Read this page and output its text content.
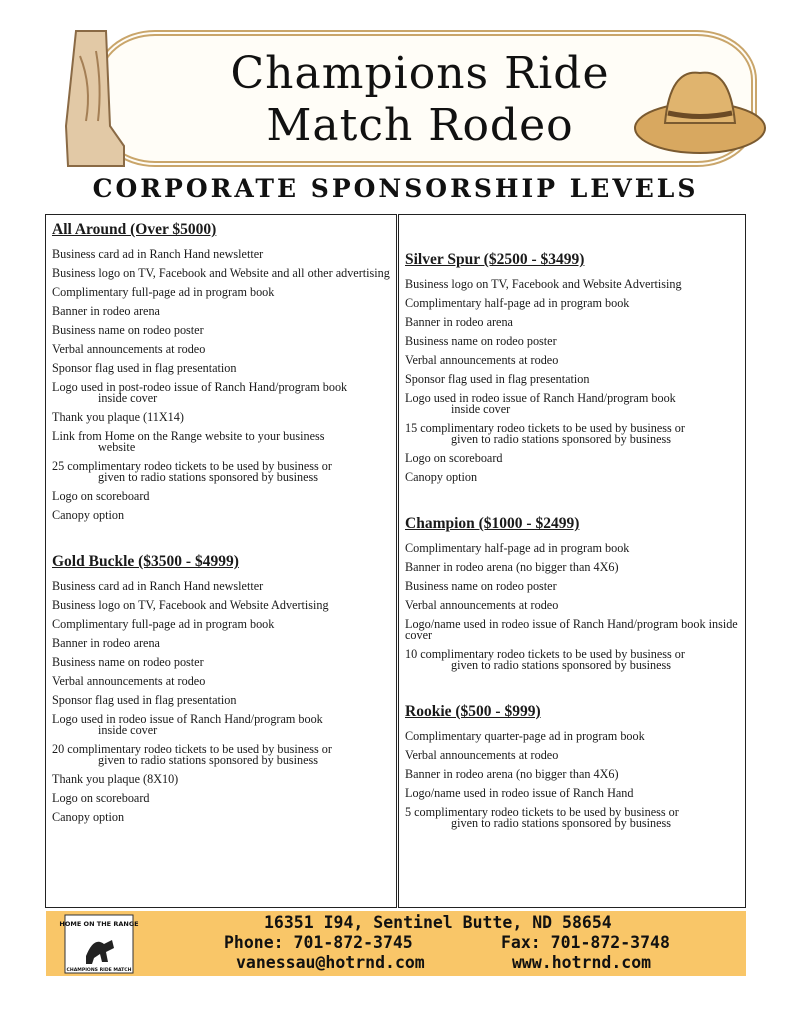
Champions Ride
Match Rodeo
CORPORATE SPONSORSHIP LEVELS
All Around (Over $5000)
Business card ad in Ranch Hand newsletter
Business logo on TV, Facebook and Website and all other advertising
Complimentary full-page ad in program book
Banner in rodeo arena
Business name on rodeo poster
Verbal announcements at rodeo
Sponsor flag used in flag presentation
Logo used in post-rodeo issue of Ranch Hand/program book
inside cover
Thank you plaque (11X14)
Link from Home on the Range website to your business
website
25 complimentary rodeo tickets to be used by business or
given to radio stations sponsored by business
Logo on scoreboard
Canopy option
Gold Buckle ($3500 - $4999)
Business card ad in Ranch Hand newsletter
Business logo on TV, Facebook and Website Advertising
Complimentary full-page ad in program book
Banner in rodeo arena
Business name on rodeo poster
Verbal announcements at rodeo
Sponsor flag used in flag presentation
Logo used in rodeo issue of Ranch Hand/program book
inside cover
20 complimentary rodeo tickets to be used by business or
given to radio stations sponsored by business
Thank you plaque (8X10)
Logo on scoreboard
Canopy option
Silver Spur ($2500 - $3499)
Business logo on TV, Facebook and Website Advertising
Complimentary half-page ad in program book
Banner in rodeo arena
Business name on rodeo poster
Verbal announcements at rodeo
Sponsor flag used in flag presentation
Logo used in rodeo issue of Ranch Hand/program book
inside cover
15 complimentary rodeo tickets to be used by business or
given to radio stations sponsored by business
Logo on scoreboard
Canopy option
Champion ($1000 - $2499)
Complimentary half-page ad in program book
Banner in rodeo arena (no bigger than 4X6)
Business name on rodeo poster
Verbal announcements at rodeo
Logo/name used in rodeo issue of Ranch Hand/program book inside cover
10 complimentary rodeo tickets to be used by business or
given to radio stations sponsored by business
Rookie ($500 - $999)
Complimentary quarter-page ad in program book
Verbal announcements at rodeo
Banner in rodeo arena (no bigger than 4X6)
Logo/name used in rodeo issue of Ranch Hand
5 complimentary rodeo tickets to be used by business or
given to radio stations sponsored by business
HOME ON THE RANGE
CHAMPIONS RIDE MATCH
16351 I94, Sentinel Butte, ND 58654
Phone: 701-872-3745	Fax: 701-872-3748
vanessau@hotrnd.com	www.hotrnd.com
